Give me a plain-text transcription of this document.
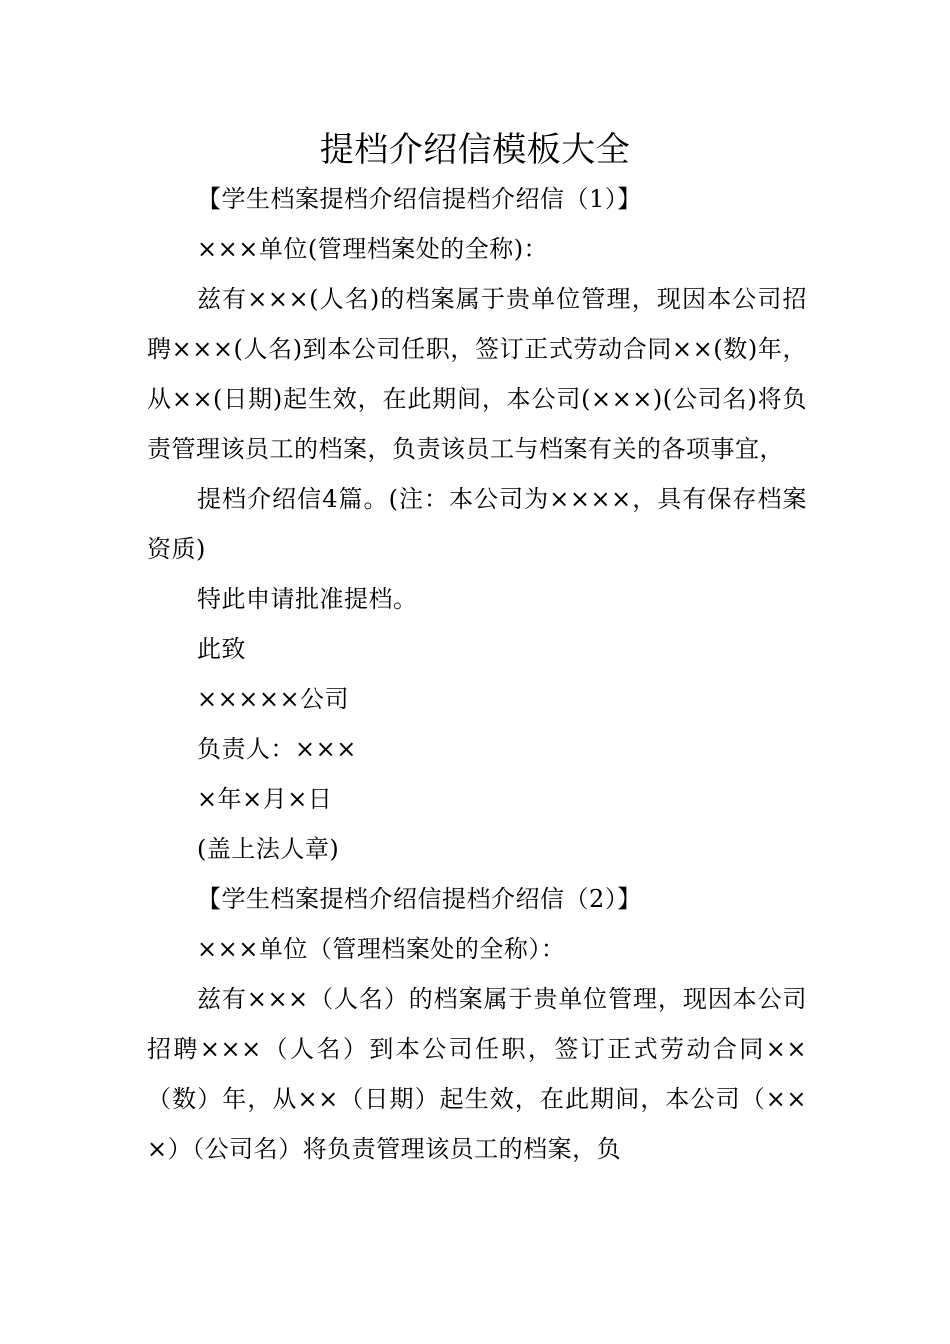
提档介绍信模板大全

【学生档案提档介绍信提档介绍信（1）】

×××单位(管理档案处的全称)：

兹有×××(人名)的档案属于贵单位管理，现因本公司招聘×××(人名)到本公司任职，签订正式劳动合同××(数)年，从××(日期)起生效，在此期间，本公司(×××)(公司名)将负责管理该员工的档案，负责该员工与档案有关的各项事宜，

提档介绍信4篇。(注：本公司为××××，具有保存档案资质)

特此申请批准提档。

此致

×××××公司

负责人：×××

×年×月×日

(盖上法人章)

【学生档案提档介绍信提档介绍信（2）】

×××单位（管理档案处的全称）：

兹有×××（人名）的档案属于贵单位管理，现因本公司招聘×××（人名）到本公司任职，签订正式劳动合同××（数）年，从××（日期）起生效，在此期间，本公司（×××）（公司名）将负责管理该员工的档案，负
